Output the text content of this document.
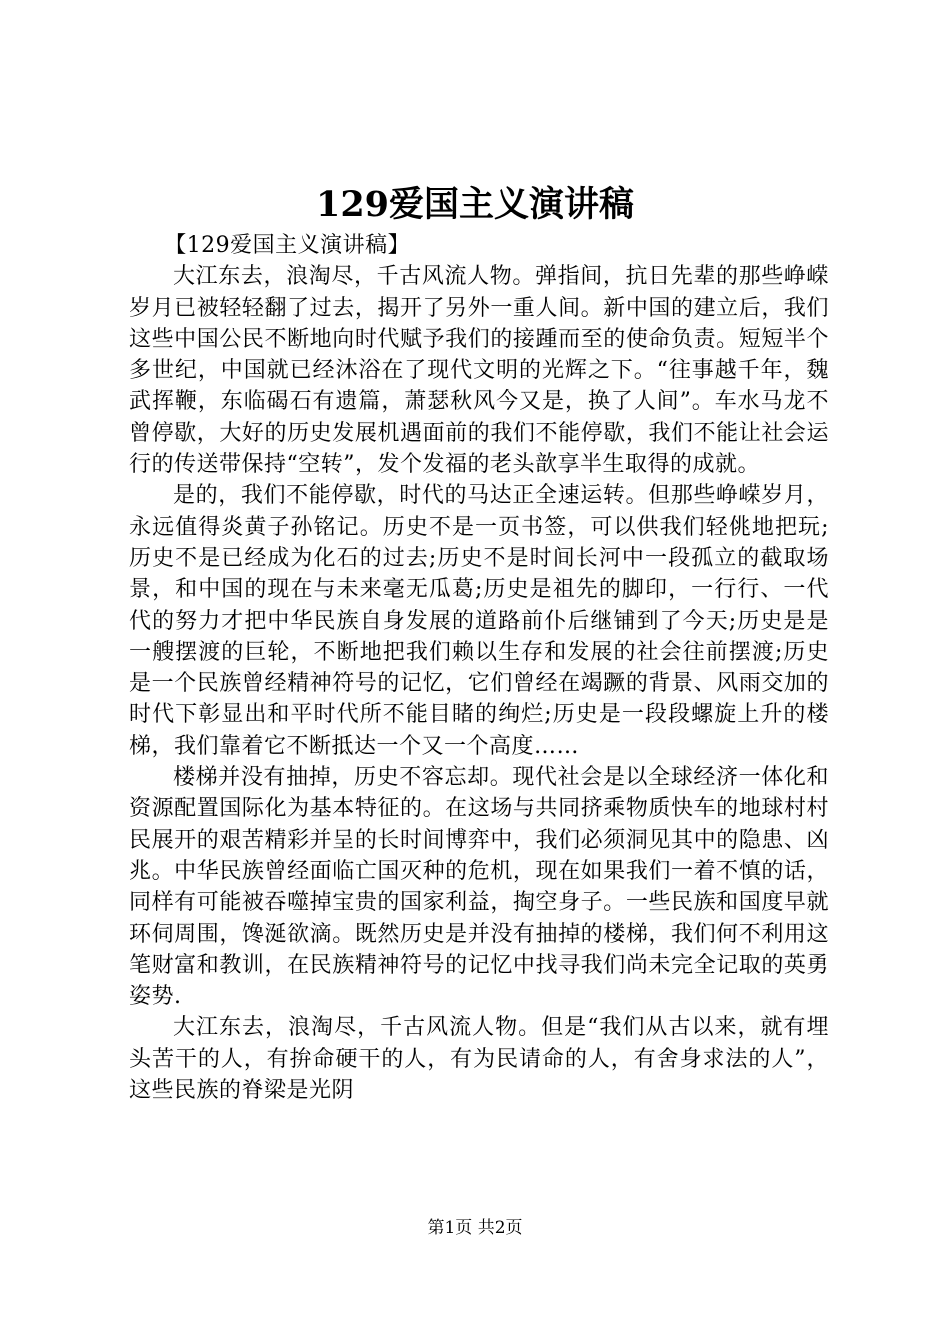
129爱国主义演讲稿

【129爱国主义演讲稿】

大江东去，浪淘尽，千古风流人物。弹指间，抗日先辈的那些峥嵘岁月已被轻轻翻了过去，揭开了另外一重人间。新中国的建立后，我们这些中国公民不断地向时代赋予我们的接踵而至的使命负责。短短半个多世纪，中国就已经沐浴在了现代文明的光辉之下。“往事越千年，魏武挥鞭，东临碣石有遗篇，萧瑟秋风今又是，换了人间”。车水马龙不曾停歇，大好的历史发展机遇面前的我们不能停歇，我们不能让社会运行的传送带保持“空转”，发个发福的老头歆享半生取得的成就。

是的，我们不能停歇，时代的马达正全速运转。但那些峥嵘岁月，永远值得炎黄子孙铭记。历史不是一页书签，可以供我们轻佻地把玩;历史不是已经成为化石的过去;历史不是时间长河中一段孤立的截取场景，和中国的现在与未来毫无瓜葛;历史是祖先的脚印，一行行、一代代的努力才把中华民族自身发展的道路前仆后继铺到了今天;历史是是一艘摆渡的巨轮，不断地把我们赖以生存和发展的社会往前摆渡;历史是一个民族曾经精神符号的记忆，它们曾经在竭蹶的背景、风雨交加的时代下彰显出和平时代所不能目睹的绚烂;历史是一段段螺旋上升的楼梯，我们靠着它不断抵达一个又一个高度……

楼梯并没有抽掉，历史不容忘却。现代社会是以全球经济一体化和资源配置国际化为基本特征的。在这场与共同挤乘物质快车的地球村村民展开的艰苦精彩并呈的长时间博弈中，我们必须洞见其中的隐患、凶兆。中华民族曾经面临亡国灭种的危机，现在如果我们一着不慎的话，同样有可能被吞噬掉宝贵的国家利益，掏空身子。一些民族和国度早就环伺周围，馋涎欲滴。既然历史是并没有抽掉的楼梯，我们何不利用这笔财富和教训，在民族精神符号的记忆中找寻我们尚未完全记取的英勇姿势.

大江东去，浪淘尽，千古风流人物。但是“我们从古以来，就有埋头苦干的人，有拚命硬干的人，有为民请命的人，有舍身求法的人”，这些民族的脊梁是光阴

第1页 共2页
